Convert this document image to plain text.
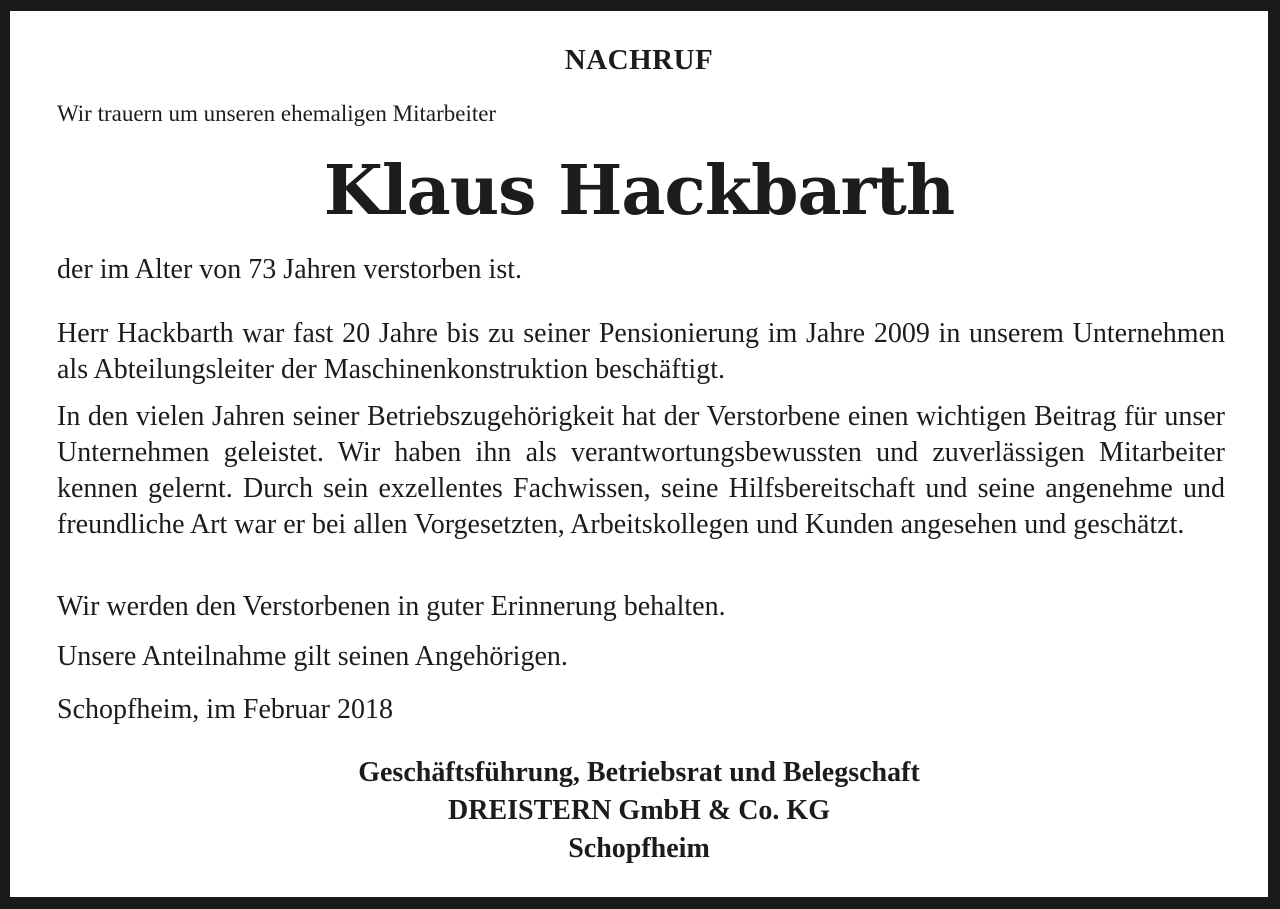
NACHRUF
Wir trauern um unseren ehemaligen Mitarbeiter
Klaus Hackbarth
der im Alter von 73 Jahren verstorben ist.
Herr Hackbarth war fast 20 Jahre bis zu seiner Pensionierung im Jahre 2009 in unserem Unternehmen als Abteilungsleiter der Maschinenkonstruktion beschäftigt.
In den vielen Jahren seiner Betriebszugehörigkeit hat der Verstorbene einen wichtigen Beitrag für unser Unternehmen geleistet. Wir haben ihn als verantwortungsbewussten und zuverlässigen Mitarbeiter kennen gelernt. Durch sein exzellentes Fachwissen, seine Hilfsbereitschaft und seine angenehme und freundliche Art war er bei allen Vorgesetzten, Arbeitskollegen und Kunden angesehen und geschätzt.
Wir werden den Verstorbenen in guter Erinnerung behalten.
Unsere Anteilnahme gilt seinen Angehörigen.
Schopfheim, im Februar 2018
Geschäftsführung, Betriebsrat und Belegschaft
DREISTERN GmbH & Co. KG
Schopfheim
